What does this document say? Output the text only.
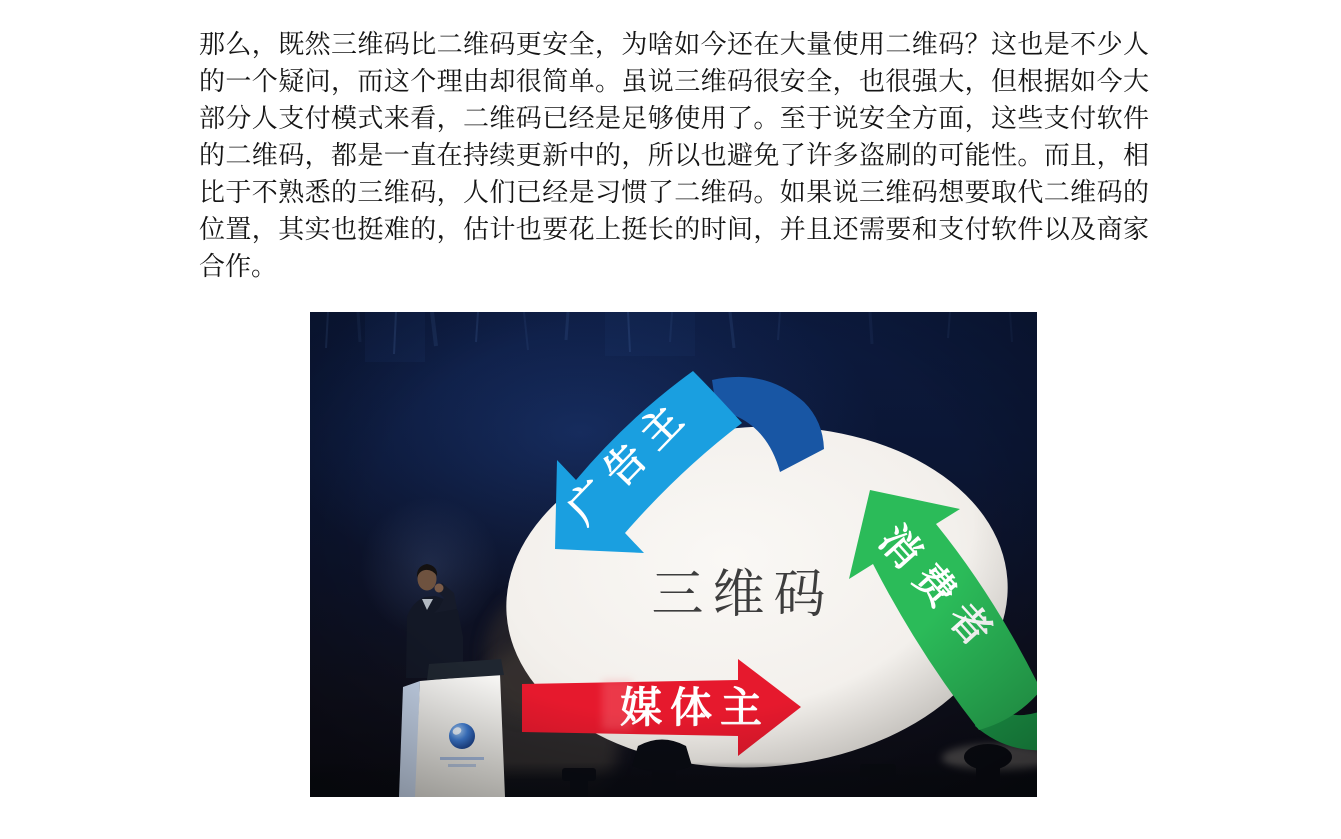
那么，既然三维码比二维码更安全，为啥如今还在大量使用二维码？这也是不少人的一个疑问，而这个理由却很简单。虽说三维码很安全，也很强大，但根据如今大部分人支付模式来看，二维码已经是足够使用了。至于说安全方面，这些支付软件的二维码，都是一直在持续更新中的，所以也避免了许多盗刷的可能性。而且，相比于不熟悉的三维码，人们已经是习惯了二维码。如果说三维码想要取代二维码的位置，其实也挺难的，估计也要花上挺长的时间，并且还需要和支付软件以及商家合作。
